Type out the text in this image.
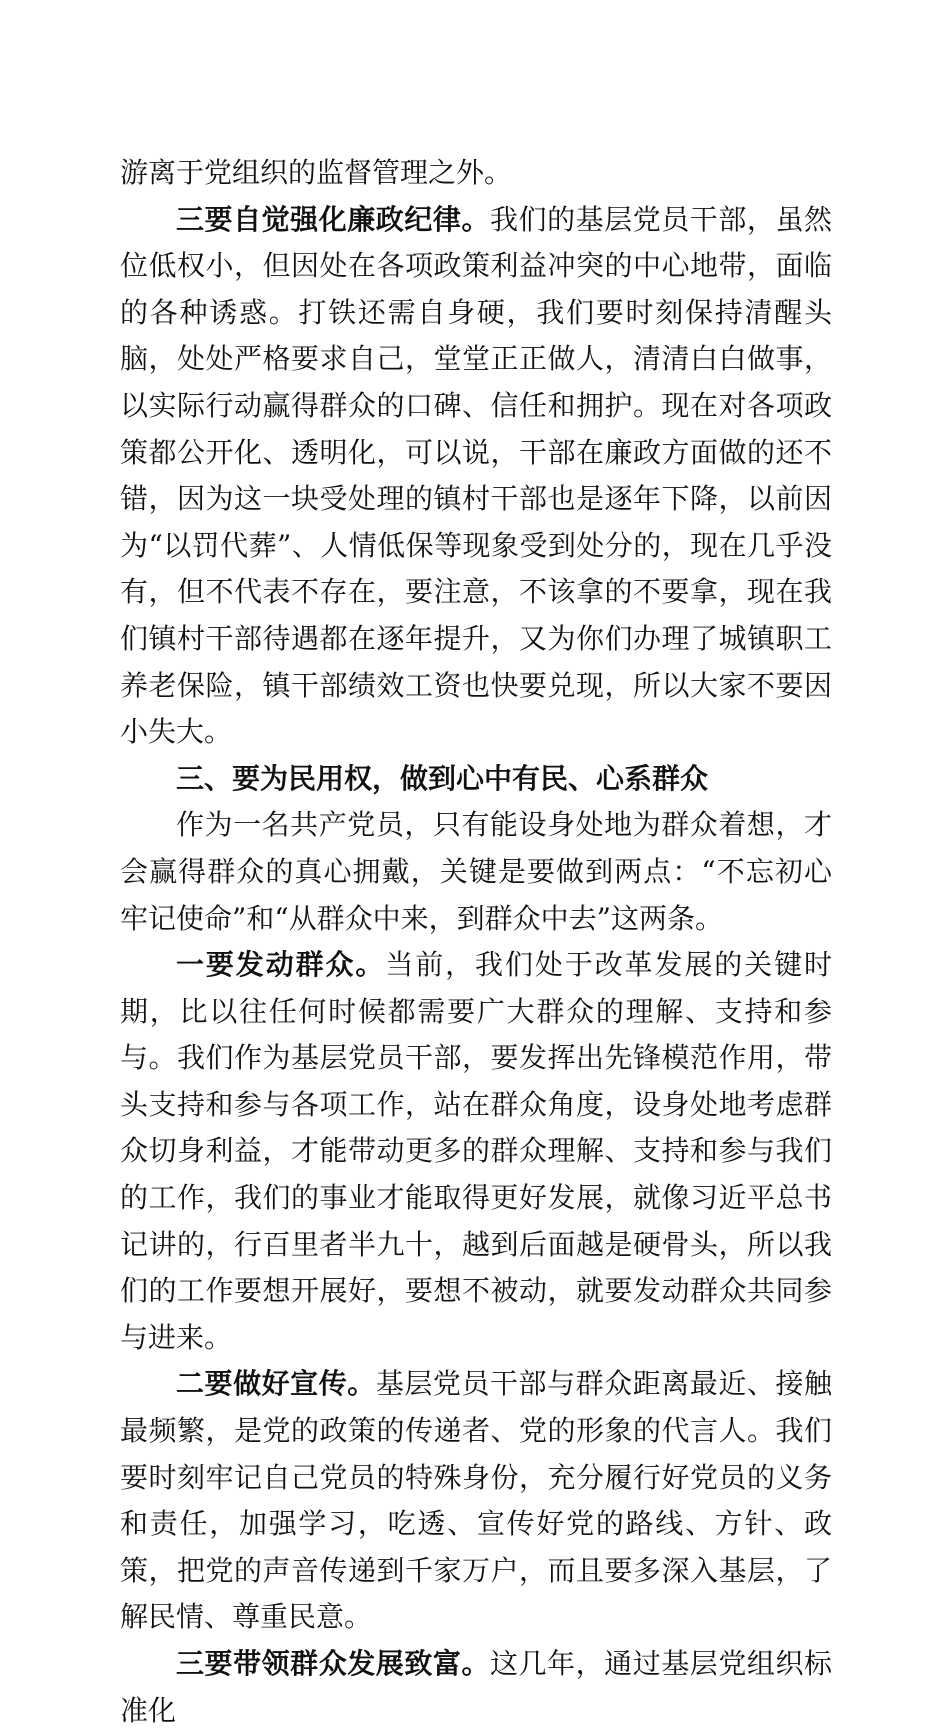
游离于党组织的监督管理之外。

三要自觉强化廉政纪律。我们的基层党员干部，虽然位低权小，但因处在各项政策利益冲突的中心地带，面临的各种诱惑。打铁还需自身硬，我们要时刻保持清醒头脑，处处严格要求自己，堂堂正正做人，清清白白做事，以实际行动赢得群众的口碑、信任和拥护。现在对各项政策都公开化、透明化，可以说，干部在廉政方面做的还不错，因为这一块受处理的镇村干部也是逐年下降，以前因为“以罚代葬”、人情低保等现象受到处分的，现在几乎没有，但不代表不存在，要注意，不该拿的不要拿，现在我们镇村干部待遇都在逐年提升，又为你们办理了城镇职工养老保险，镇干部绩效工资也快要兑现，所以大家不要因小失大。

三、要为民用权，做到心中有民、心系群众

作为一名共产党员，只有能设身处地为群众着想，才会赢得群众的真心拥戴，关键是要做到两点：“不忘初心牢记使命”和“从群众中来，到群众中去”这两条。

一要发动群众。当前，我们处于改革发展的关键时期，比以往任何时候都需要广大群众的理解、支持和参与。我们作为基层党员干部，要发挥出先锋模范作用，带头支持和参与各项工作，站在群众角度，设身处地考虑群众切身利益，才能带动更多的群众理解、支持和参与我们的工作，我们的事业才能取得更好发展，就像习近平总书记讲的，行百里者半九十，越到后面越是硬骨头，所以我们的工作要想开展好，要想不被动，就要发动群众共同参与进来。

二要做好宣传。基层党员干部与群众距离最近、接触最频繁，是党的政策的传递者、党的形象的代言人。我们要时刻牢记自己党员的特殊身份，充分履行好党员的义务和责任，加强学习，吃透、宣传好党的路线、方针、政策，把党的声音传递到千家万户，而且要多深入基层，了解民情、尊重民意。

三要带领群众发展致富。这几年，通过基层党组织标准化
